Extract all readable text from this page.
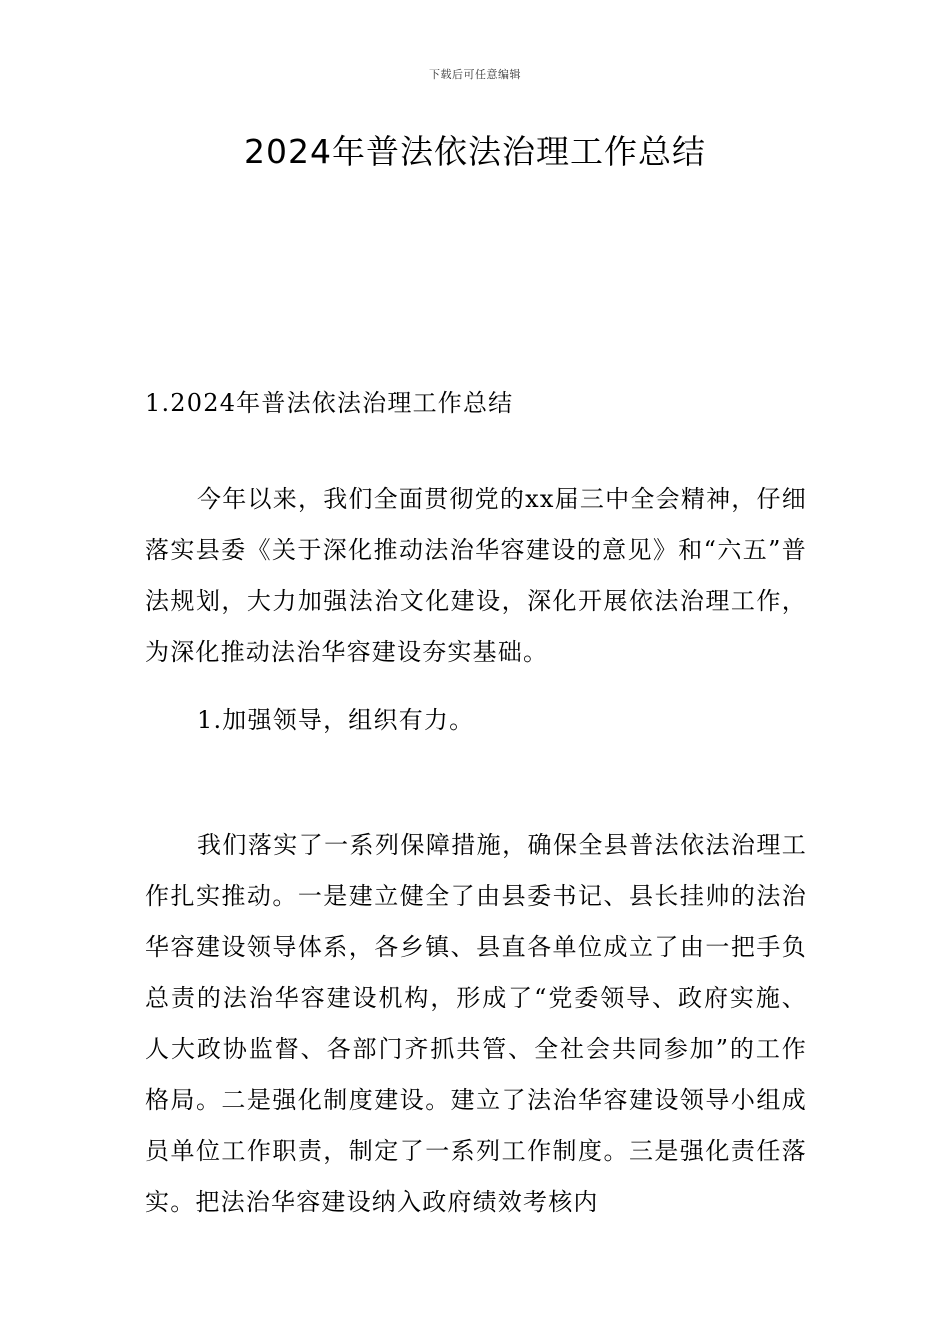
下载后可任意编辑
2024年普法依法治理工作总结

1.2024年普法依法治理工作总结

今年以来，我们全面贯彻党的xx届三中全会精神，仔细落实县委《关于深化推动法治华容建设的意见》和“六五”普法规划，大力加强法治文化建设，深化开展依法治理工作，为深化推动法治华容建设夯实基础。

1.加强领导，组织有力。

我们落实了一系列保障措施，确保全县普法依法治理工作扎实推动。一是建立健全了由县委书记、县长挂帅的法治华容建设领导体系，各乡镇、县直各单位成立了由一把手负总责的法治华容建设机构，形成了“党委领导、政府实施、人大政协监督、各部门齐抓共管、全社会共同参加”的工作格局。二是强化制度建设。建立了法治华容建设领导小组成员单位工作职责，制定了一系列工作制度。三是强化责任落实。把法治华容建设纳入政府绩效考核内
